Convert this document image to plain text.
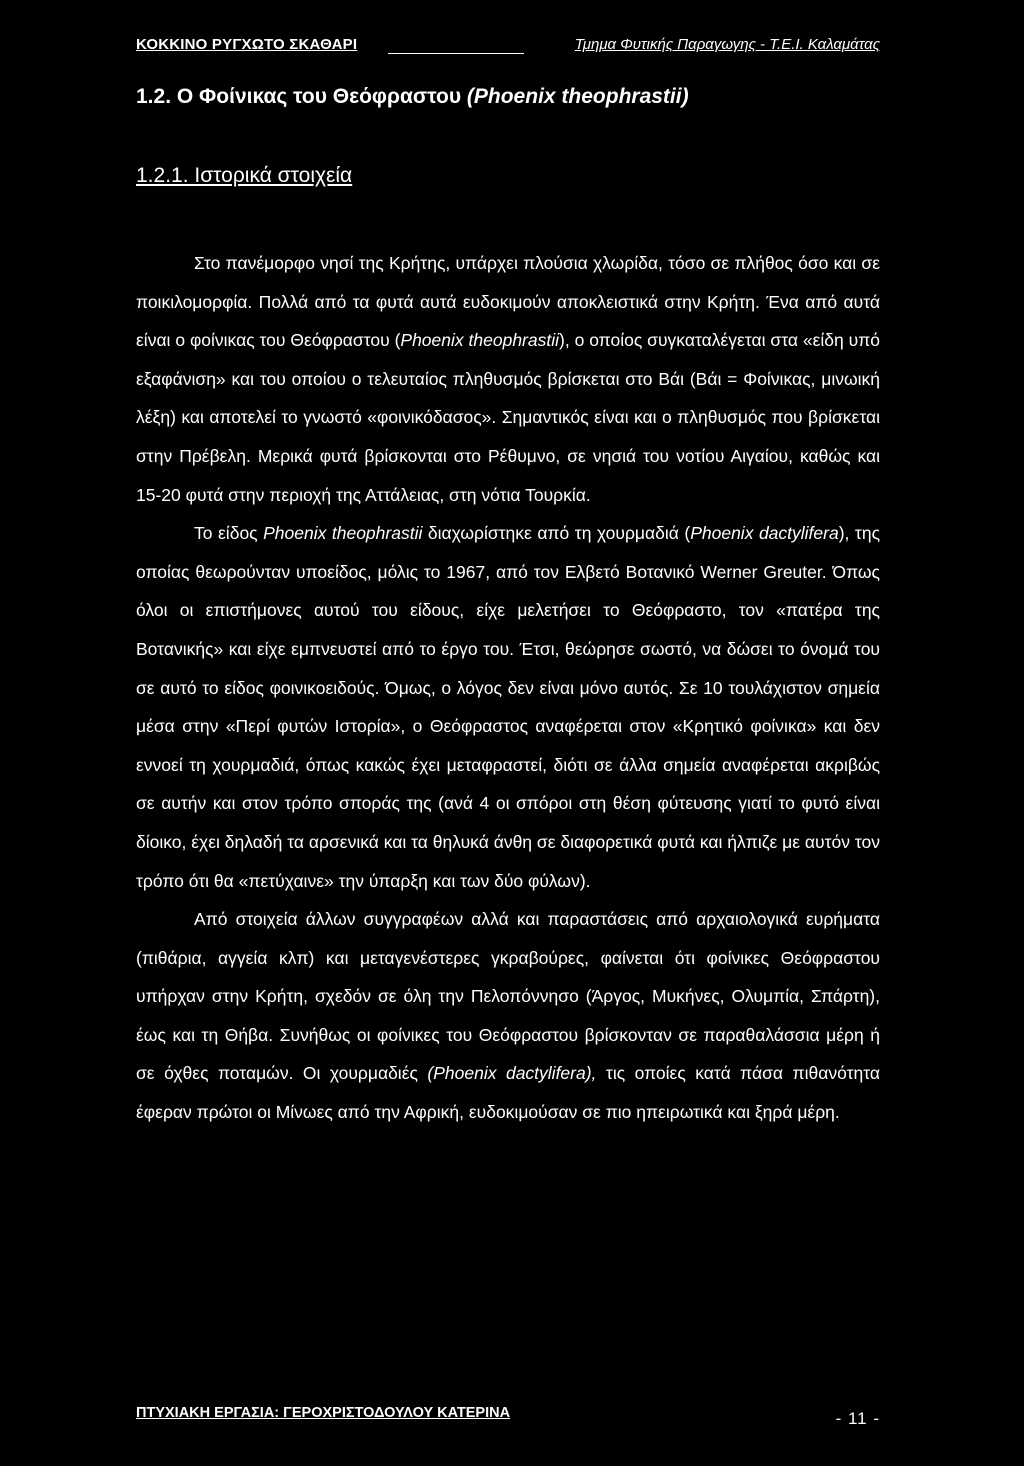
ΚΟΚΚΙΝΟ ΡΥΓΧΩΤΟ ΣΚΑΘΑΡΙ	Τμημα Φυτικής Παραγωγης - Τ.Ε.Ι. Καλαμάτας
1.2. Ο Φοίνικας του Θεόφραστου (Phoenix theophrastii)
1.2.1. Ιστορικά στοιχεία

Στο πανέμορφο νησί της Κρήτης, υπάρχει πλούσια χλωρίδα, τόσο σε πλήθος όσο και σε ποικιλομορφία. Πολλά από τα φυτά αυτά ευδοκιμούν αποκλειστικά στην Κρήτη. Ένα από αυτά είναι ο φοίνικας του Θεόφραστου (Phoenix theophrastii), ο οποίος συγκαταλέγεται στα «είδη υπό εξαφάνιση» και του οποίου ο τελευταίος πληθυσμός βρίσκεται στο Βάι (Βάι = Φοίνικας, μινωική λέξη) και αποτελεί το γνωστό «φοινικόδασος». Σημαντικός είναι και ο πληθυσμός που βρίσκεται στην Πρέβελη. Μερικά φυτά βρίσκονται στο Ρέθυμνο, σε νησιά του νοτίου Αιγαίου, καθώς και 15-20 φυτά στην περιοχή της Αττάλειας, στη νότια Τουρκία.

Το είδος Phoenix theophrastii διαχωρίστηκε από τη χουρμαδιά (Phoenix dactylifera), της οποίας θεωρούνταν υποείδος, μόλις το 1967, από τον Ελβετό Βοτανικό Werner Greuter. Όπως όλοι οι επιστήμονες αυτού του είδους, είχε μελετήσει το Θεόφραστο, τον «πατέρα της Βοτανικής» και είχε εμπνευστεί από το έργο του. Έτσι, θεώρησε σωστό, να δώσει το όνομά του σε αυτό το είδος φοινικοειδούς. Όμως, ο λόγος δεν είναι μόνο αυτός. Σε 10 τουλάχιστον σημεία μέσα στην «Περί φυτών Ιστορία», ο Θεόφραστος αναφέρεται στον «Κρητικό φοίνικα» και δεν εννοεί τη χουρμαδιά, όπως κακώς έχει μεταφραστεί, διότι σε άλλα σημεία αναφέρεται ακριβώς σε αυτήν και στον τρόπο σποράς της (ανά 4 οι σπόροι στη θέση φύτευσης γιατί το φυτό είναι δίοικο, έχει δηλαδή τα αρσενικά και τα θηλυκά άνθη σε διαφορετικά φυτά και ήλπιζε με αυτόν τον τρόπο ότι θα «πετύχαινε» την ύπαρξη και των δύο φύλων).

Από στοιχεία άλλων συγγραφέων αλλά και παραστάσεις από αρχαιολογικά ευρήματα (πιθάρια, αγγεία κλπ) και μεταγενέστερες γκραβούρες, φαίνεται ότι φοίνικες Θεόφραστου υπήρχαν στην Κρήτη, σχεδόν σε όλη την Πελοπόννησο (Άργος, Μυκήνες, Ολυμπία, Σπάρτη), έως και τη Θήβα. Συνήθως οι φοίνικες του Θεόφραστου βρίσκονταν σε παραθαλάσσια μέρη ή σε όχθες ποταμών. Οι χουρμαδιές (Phoenix dactylifera), τις οποίες κατά πάσα πιθανότητα έφεραν πρώτοι οι Μίνωες από την Αφρική, ευδοκιμούσαν σε πιο ηπειρωτικά και ξηρά μέρη.

ΠΤΥΧΙΑΚΗ ΕΡΓΑΣΙΑ: ΓΕΡΟΧΡΙΣΤΟΔΟΥΛΟΥ ΚΑΤΕΡΙΝΑ	- 11 -
